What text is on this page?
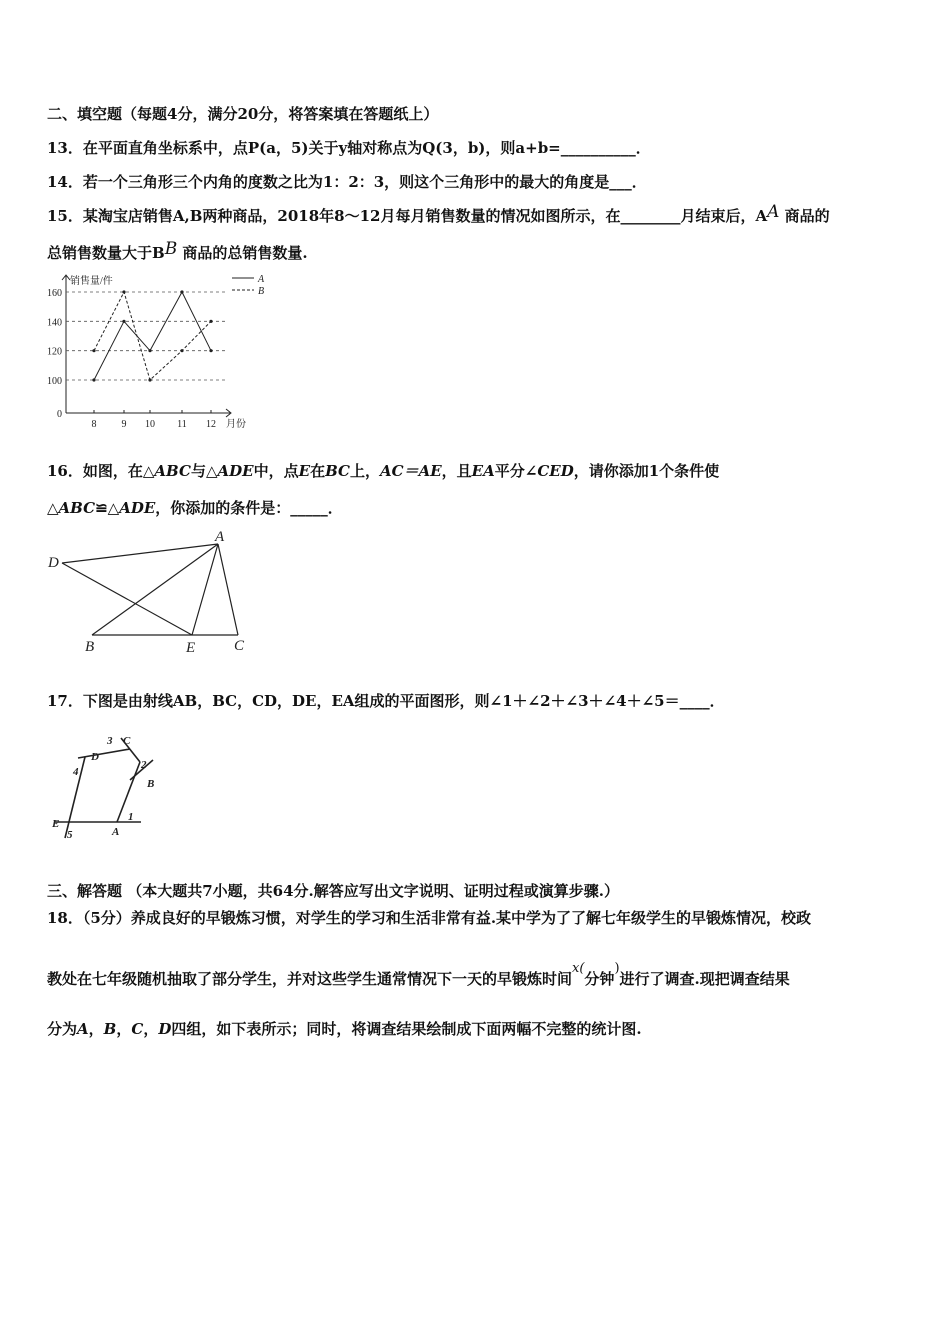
二、填空题（每题4分，满分20分，将答案填在答题纸上）
13．在平面直角坐标系中，点P(a，5)关于y轴对称点为Q(3，b)，则a+b=__________．
14．若一个三角形三个内角的度数之比为1：2：3，则这个三角形中的最大的角度是___．
15．某淘宝店销售A,B两种商品，2018年8～12月每月销售数量的情况如图所示，在________月结束后，AA 商品的
总销售数量大于BB 商品的总销售数量.
0
100
120
140
160
8	9 10 11 12
销售量/件
月份
A
B
16．如图，在△ABC与△ADE中，点E在BC上，AC＝AE，且EA平分∠CED，请你添加1个条件使
△ABC≌△ADE，你添加的条件是：_____．
D
A
B	E	C
17．下图是由射线AB，BC，CD，DE，EA组成的平面图形，则∠1＋∠2＋∠3＋∠4＋∠5＝____．
A
B
C
D
E
1
2
3
4
5
三、解答题 （本大题共7小题，共64分.解答应写出文字说明、证明过程或演算步骤.）
18．（5分）养成良好的早锻炼习惯，对学生的学习和生活非常有益.某中学为了了解七年级学生的早锻炼情况，校政
教处在七年级随机抽取了部分学生，并对这些学生通常情况下一天的早锻炼时间x(分钟)进行了调查.现把调查结果
分为A，B，C，D四组，如下表所示；同时，将调查结果绘制成下面两幅不完整的统计图.
